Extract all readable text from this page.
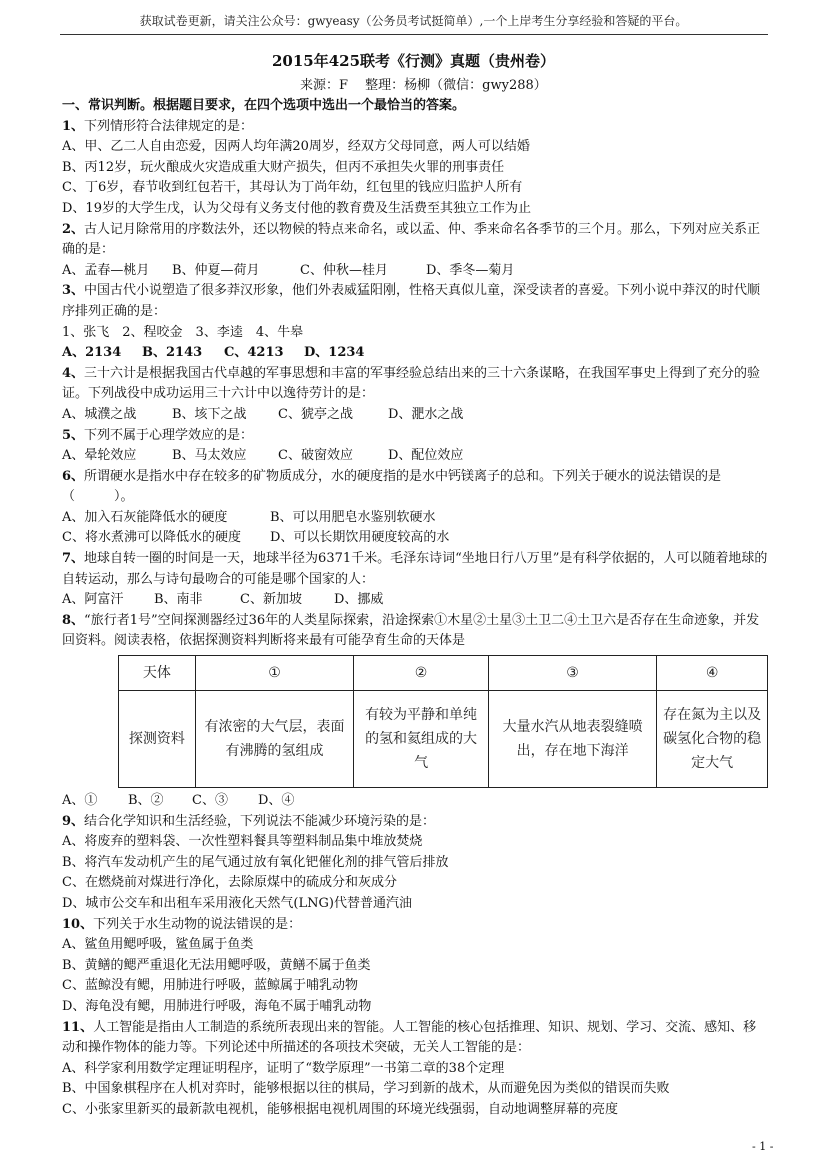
获取试卷更新，请关注公众号：gwyeasy（公务员考试挺简单）,一个上岸考生分享经验和答疑的平台。
2015年425联考《行测》真题（贵州卷）
来源：F　 整理：杨柳（微信：gwy288）

一、常识判断。根据题目要求，在四个选项中选出一个最恰当的答案。

1、下列情形符合法律规定的是：

A、甲、乙二人自由恋爱，因两人均年满20周岁，经双方父母同意，两人可以结婚

B、丙12岁，玩火酿成火灾造成重大财产损失，但丙不承担失火罪的刑事责任

C、丁6岁，春节收到红包若干，其母认为丁尚年幼，红包里的钱应归监护人所有

D、19岁的大学生戊，认为父母有义务支付他的教育费及生活费至其独立工作为止

2、古人记月除常用的序数法外，还以物候的特点来命名，或以孟、仲、季来命名各季节的三个月。那么，下列对应关系正确的是：

A、孟春—桃月 B、仲夏—荷月	C、仲秋—桂月	D、季冬—菊月

3、中国古代小说塑造了很多莽汉形象，他们外表威猛阳刚，性格天真似儿童，深受读者的喜爱。下列小说中莽汉的时代顺序排列正确的是：

1、张飞　2、程咬金　3、李逵　4、牛皋

A、2134 B、2143 C、4213 D、1234

4、三十六计是根据我国古代卓越的军事思想和丰富的军事经验总结出来的三十六条谋略，在我国军事史上得到了充分的验证。下列战役中成功运用三十六计中以逸待劳计的是：

A、城濮之战	B、垓下之战 C、猇亭之战	D、淝水之战

5、下列不属于心理学效应的是：

A、晕轮效应	B、马太效应 C、破窗效应	D、配位效应

6、所谓硬水是指水中存在较多的矿物质成分，水的硬度指的是水中钙镁离子的总和。下列关于硬水的说法错误的是（　　　）。

A、加入石灰能降低水的硬度	B、可以用肥皂水鉴别软硬水

C、将水煮沸可以降低水的硬度 D、可以长期饮用硬度较高的水

7、地球自转一圈的时间是一天，地球半径为6371千米。毛泽东诗词“坐地日行八万里”是有科学依据的，人可以随着地球的自转运动，那么与诗句最吻合的可能是哪个国家的人：

A、阿富汗 B、南非	C、新加坡 D、挪威

8、“旅行者1号”空间探测器经过36年的人类星际探索，沿途探索①木星②土星③土卫二④土卫六是否存在生命迹象，并发回资料。阅读表格，依据探测资料判断将来最有可能孕育生命的天体是

天体	①	②	③	④
探测资料	有浓密的大气层，表面有沸腾的氢组成	有较为平静和单纯的氢和氦组成的大气	大量水汽从地表裂缝喷出，存在地下海洋	存在氮为主以及碳氢化合物的稳定大气

A、① B、② C、③ D、④

9、结合化学知识和生活经验，下列说法不能减少环境污染的是：

A、将废弃的塑料袋、一次性塑料餐具等塑料制品集中堆放焚烧

B、将汽车发动机产生的尾气通过放有氧化钯催化剂的排气管后排放

C、在燃烧前对煤进行净化，去除原煤中的硫成分和灰成分

D、城市公交车和出租车采用液化天然气(LNG)代替普通汽油

10、下列关于水生动物的说法错误的是：

A、鲨鱼用鳃呼吸，鲨鱼属于鱼类

B、黄鳝的鳃严重退化无法用鳃呼吸，黄鳝不属于鱼类

C、蓝鲸没有鳃，用肺进行呼吸，蓝鲸属于哺乳动物

D、海龟没有鳃，用肺进行呼吸，海龟不属于哺乳动物

11、人工智能是指由人工制造的系统所表现出来的智能。人工智能的核心包括推理、知识、规划、学习、交流、感知、移动和操作物体的能力等。下列论述中所描述的各项技术突破，无关人工智能的是：

A、科学家利用数学定理证明程序，证明了“数学原理”一书第二章的38个定理

B、中国象棋程序在人机对弈时，能够根据以往的棋局，学习到新的战术，从而避免因为类似的错误而失败

C、小张家里新买的最新款电视机，能够根据电视机周围的环境光线强弱，自动地调整屏幕的亮度

- 1 -
